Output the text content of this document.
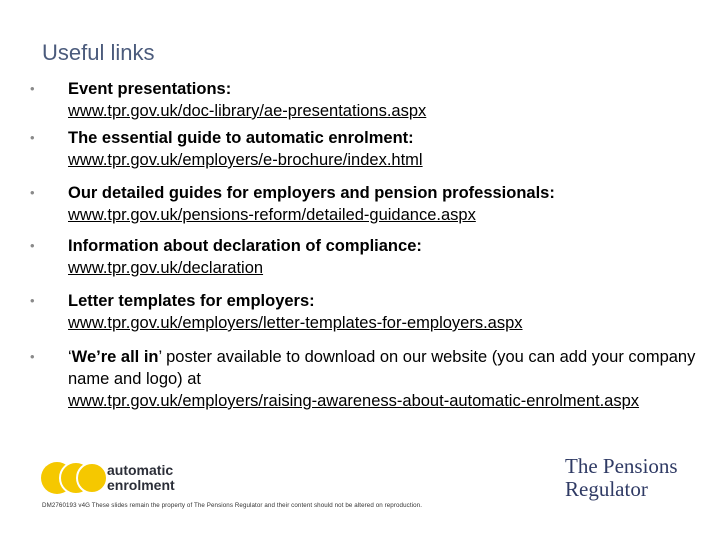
Useful links
• Event presentations:
www.tpr.gov.uk/doc-library/ae-presentations.aspx
• The essential guide to automatic enrolment:
www.tpr.gov.uk/employers/e-brochure/index.html
• Our detailed guides for employers and pension professionals:
www.tpr.gov.uk/pensions-reform/detailed-guidance.aspx
• Information about declaration of compliance:
www.tpr.gov.uk/declaration
• Letter templates for employers:
www.tpr.gov.uk/employers/letter-templates-for-employers.aspx
• ‘We’re all in’ poster available to download on our website (you can add your company name and logo) at
www.tpr.gov.uk/employers/raising-awareness-about-automatic-enrolment.aspx
automatic
enrolment
The Pensions
Regulator
DM2760193 v4G These slides remain the property of The Pensions Regulator and their content should not be altered on reproduction.
